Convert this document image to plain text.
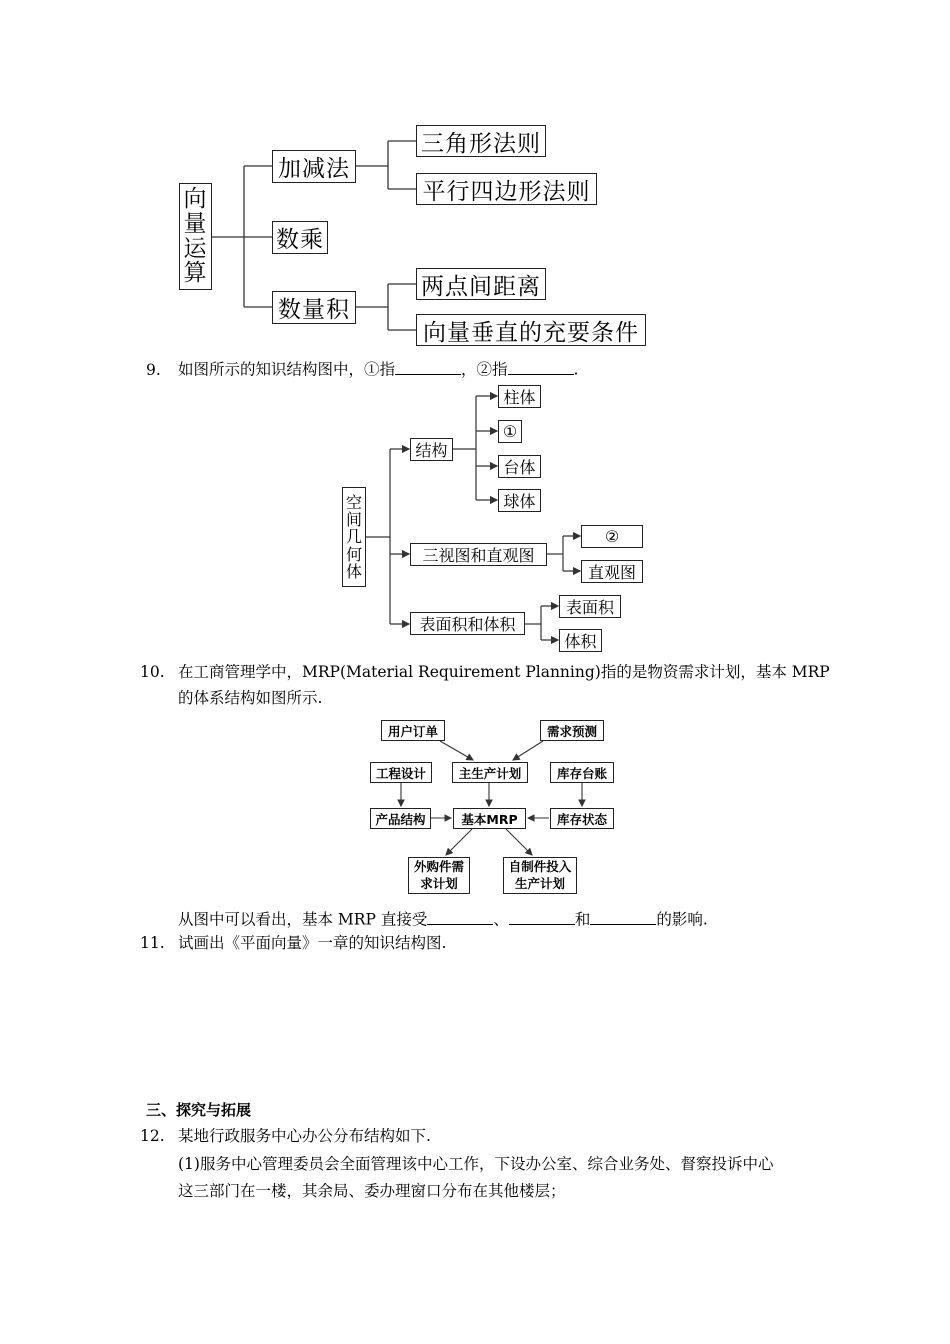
向
量
运
算
加减法
数乘
数量积
三角形法则
平行四边形法则
两点间距离
向量垂直的充要条件
9. 如图所示的知识结构图中，①指	，②指	.
空
间
几
何
体
结构
柱体
①
台体
球体
三视图和直观图
②
直观图
表面积和体积
表面积
体积
10. 在工商管理学中，MRP(Material Requirement Planning)指的是物资需求计划，基本 MRP
的体系结构如图所示.
用户订单	需求预测
工程设计	主生产计划	库存台账
产品结构	基本MRP	库存状态
外购件需
求计划
自制件投入
生产计划
从图中可以看出，基本 MRP 直接受	、	和	的影响.
11. 试画出《平面向量》一章的知识结构图.
三、探究与拓展
12. 某地行政服务中心办公分布结构如下.
(1)服务中心管理委员会全面管理该中心工作，下设办公室、综合业务处、督察投诉中心
这三部门在一楼，其余局、委办理窗口分布在其他楼层；
